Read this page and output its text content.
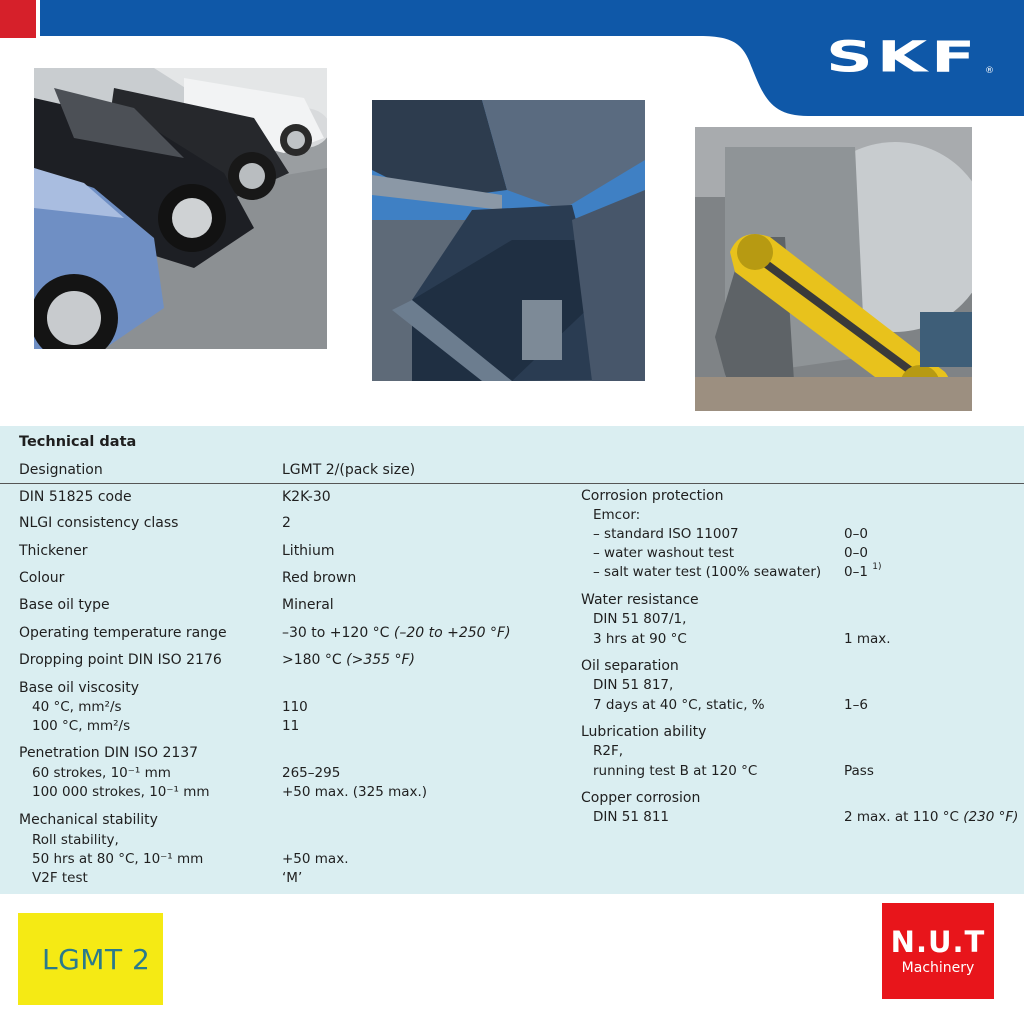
SKF ®
Technical data
Designation	LGMT 2/(pack size)
DIN 51825 code	K2K-30
NLGI consistency class	2
Thickener	Lithium
Colour	Red brown
Base oil type	Mineral
Operating temperature range	–30 to +120 °C (–20 to +250 °F)
Dropping point DIN ISO 2176	>180 °C (>355 °F)
Base oil viscosity
40 °C, mm²/s	110
100 °C, mm²/s	11
Penetration DIN ISO 2137
60 strokes, 10⁻¹ mm	265–295
100 000 strokes, 10⁻¹ mm	+50 max. (325 max.)
Mechanical stability
Roll stability,
50 hrs at 80 °C, 10⁻¹ mm	+50 max.
V2F test	‘M’
Corrosion protection
Emcor:
– standard ISO 11007	0–0
– water washout test	0–0
– salt water test (100% seawater) 0–1 $^{1)}$
Water resistance
DIN 51 807/1,
3 hrs at 90 °C	1 max.
Oil separation
DIN 51 817,
7 days at 40 °C, static, %	1–6
Lubrication ability
R2F,
running test B at 120 °C	Pass
Copper corrosion
DIN 51 811	2 max. at 110 °C (230 °F)
LGMT 2
N.U.T
Machinery
